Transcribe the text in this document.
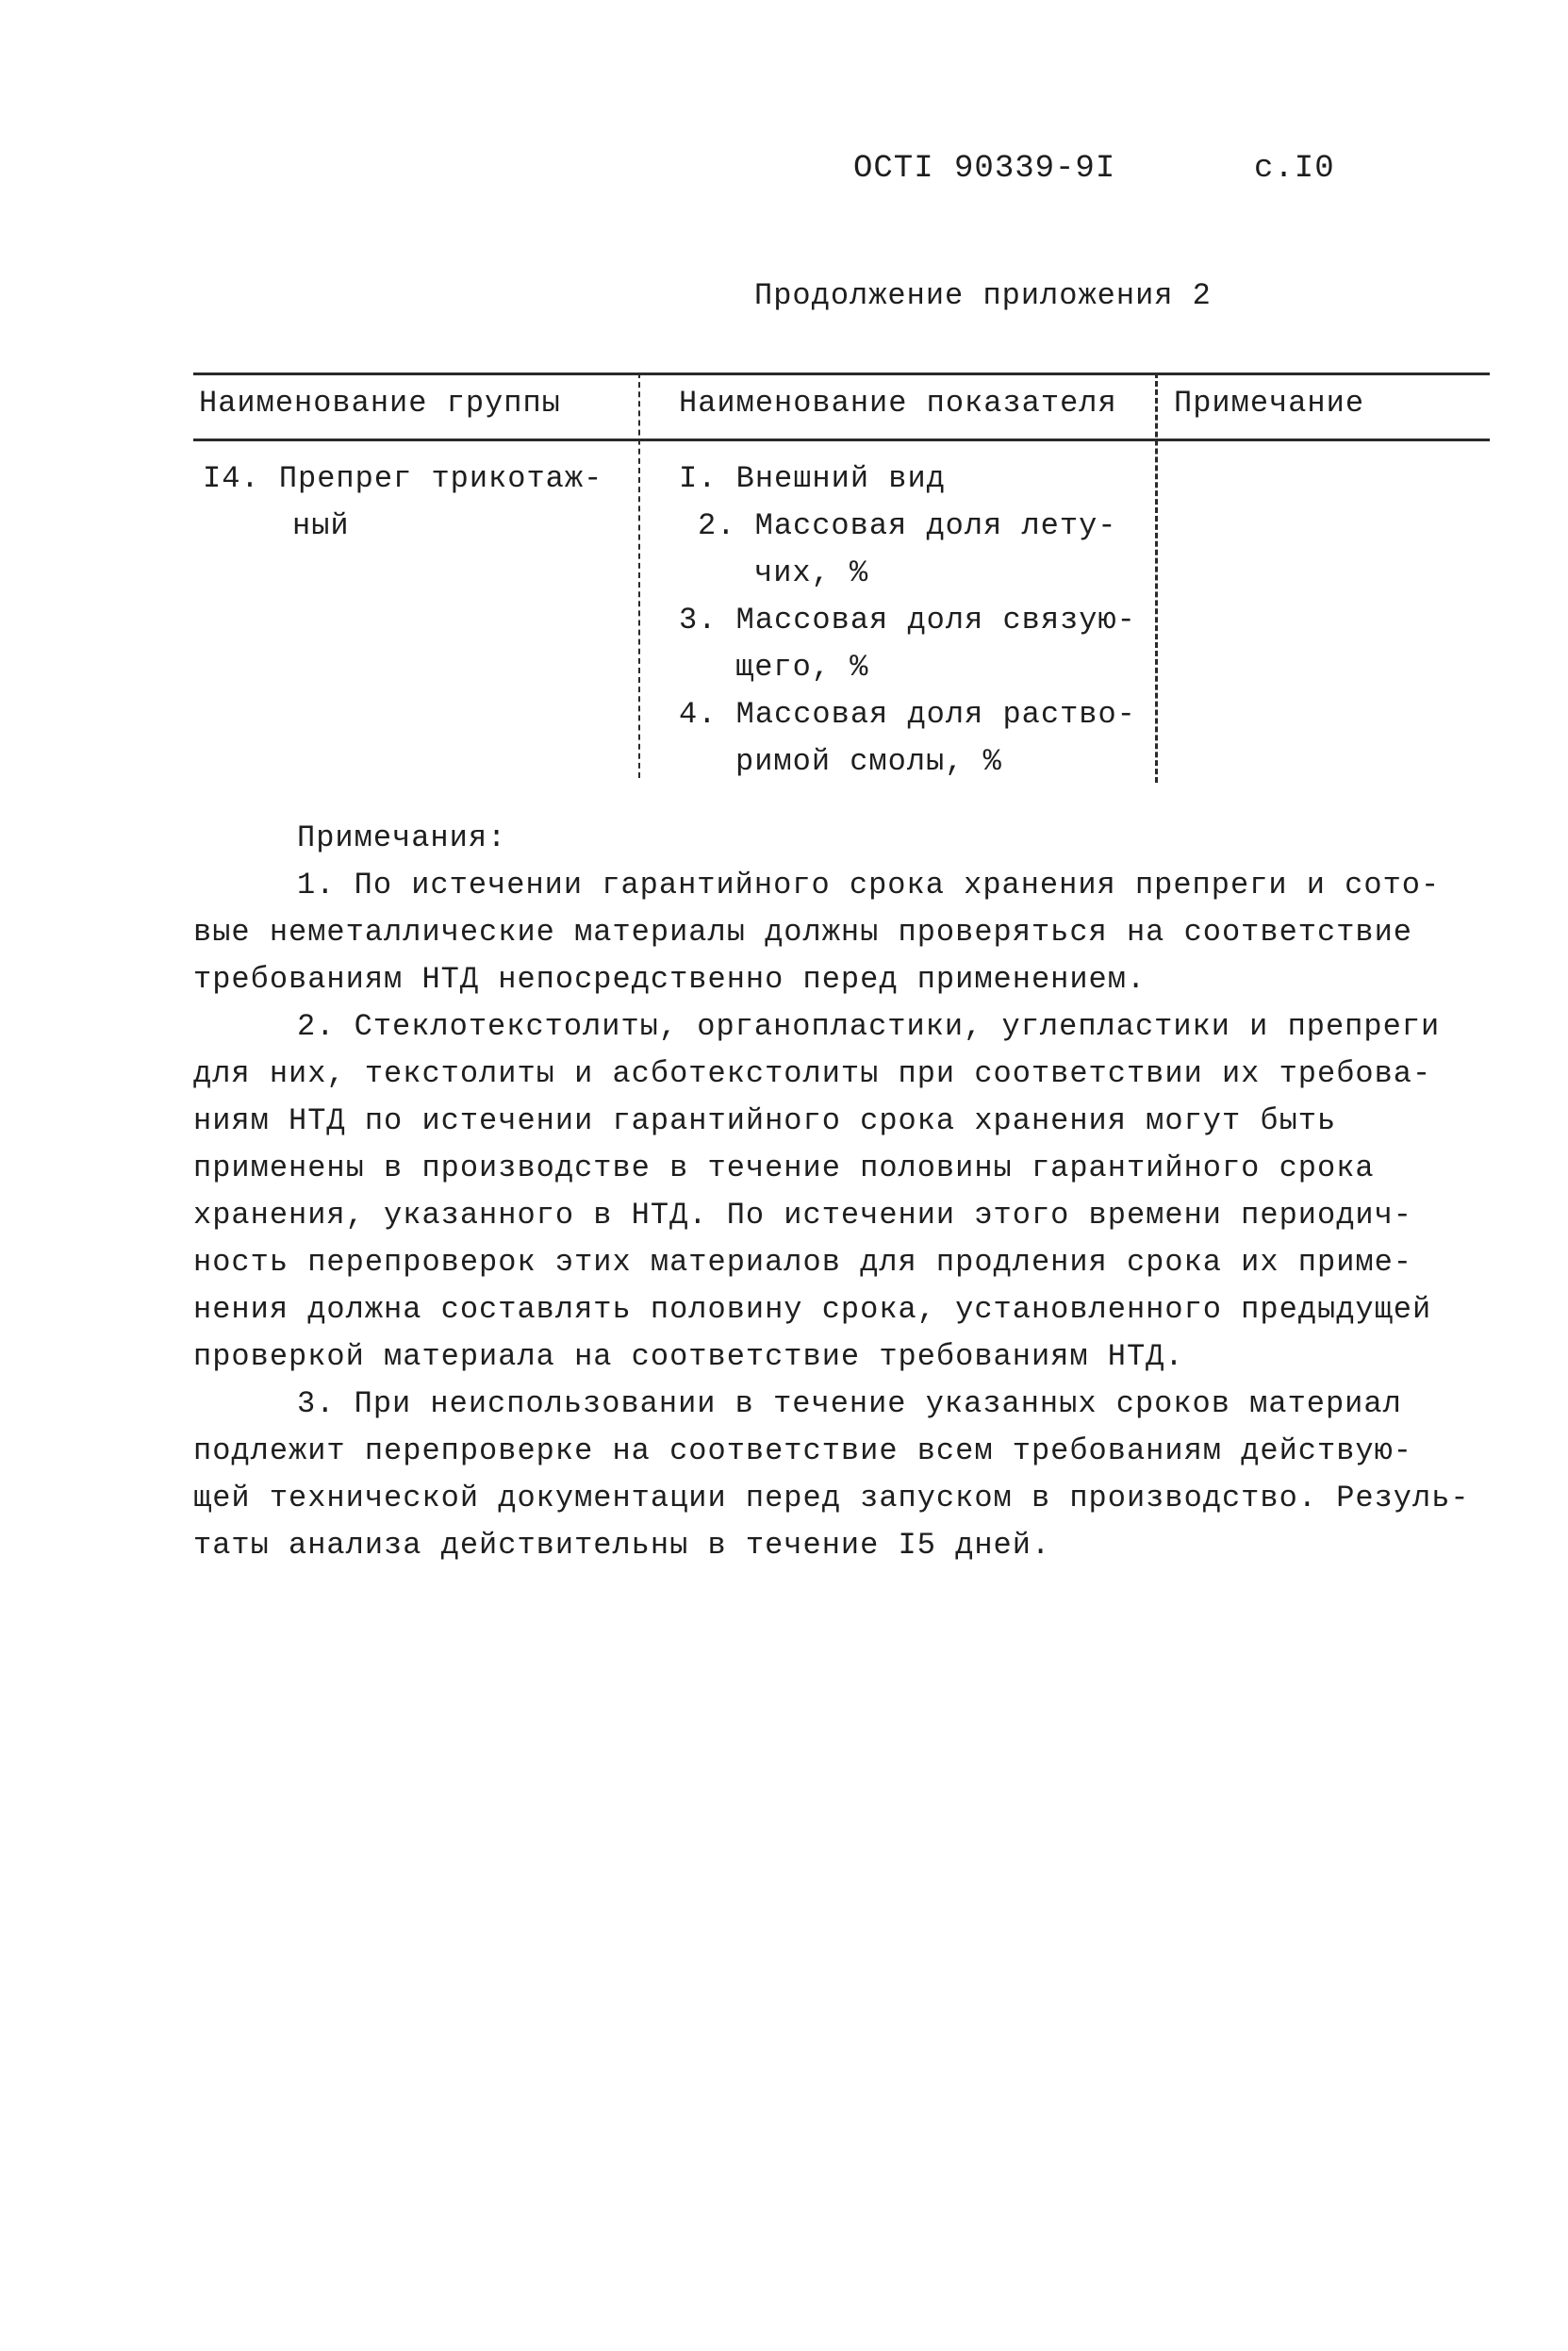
ОСТI 90339-9I	с.I0
Продолжение приложения 2
Наименование группы	Наименование показателя Примечание
I4. Препрег трикотаж-
ный
I. Внешний вид
2. Массовая доля лету-
чих, %
3. Массовая доля связую-
щего, %
4. Массовая доля раство-
римой смолы, %
Примечания:
1. По истечении гарантийного срока хранения препреги и сото-
вые неметаллические материалы должны проверяться на соответствие
требованиям НТД непосредственно перед применением.
2. Стеклотекстолиты, органопластики, углепластики и препреги
для них, текстолиты и асботекстолиты при соответствии их требова-
ниям НТД по истечении гарантийного срока хранения могут быть
применены в производстве в течение половины гарантийного срока
хранения, указанного в НТД. По истечении этого времени периодич-
ность перепроверок этих материалов для продления срока их приме-
нения должна составлять половину срока, установленного предыдущей
проверкой материала на соответствие требованиям НТД.
3. При неиспользовании в течение указанных сроков материал
подлежит перепроверке на соответствие всем требованиям действую-
щей технической документации перед запуском в производство. Резуль-
таты анализа действительны в течение I5 дней.
